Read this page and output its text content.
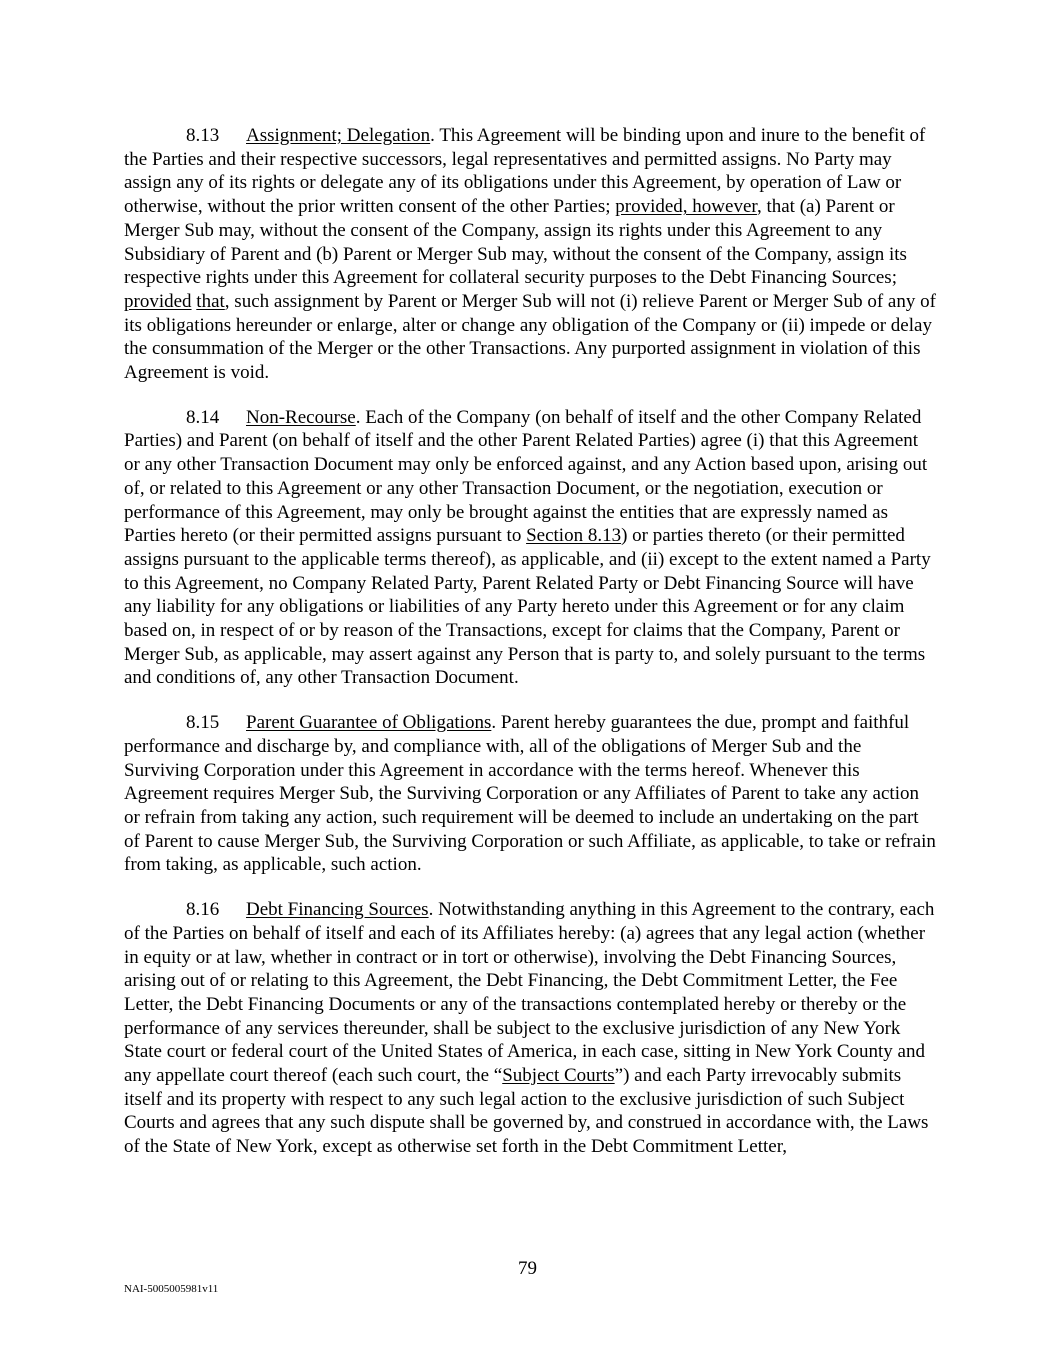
8.13 Assignment; Delegation. This Agreement will be binding upon and inure to the benefit of the Parties and their respective successors, legal representatives and permitted assigns. No Party may assign any of its rights or delegate any of its obligations under this Agreement, by operation of Law or otherwise, without the prior written consent of the other Parties; provided, however, that (a) Parent or Merger Sub may, without the consent of the Company, assign its rights under this Agreement to any Subsidiary of Parent and (b) Parent or Merger Sub may, without the consent of the Company, assign its respective rights under this Agreement for collateral security purposes to the Debt Financing Sources; provided that, such assignment by Parent or Merger Sub will not (i) relieve Parent or Merger Sub of any of its obligations hereunder or enlarge, alter or change any obligation of the Company or (ii) impede or delay the consummation of the Merger or the other Transactions. Any purported assignment in violation of this Agreement is void.

8.14 Non-Recourse. Each of the Company (on behalf of itself and the other Company Related Parties) and Parent (on behalf of itself and the other Parent Related Parties) agree (i) that this Agreement or any other Transaction Document may only be enforced against, and any Action based upon, arising out of, or related to this Agreement or any other Transaction Document, or the negotiation, execution or performance of this Agreement, may only be brought against the entities that are expressly named as Parties hereto (or their permitted assigns pursuant to Section 8.13) or parties thereto (or their permitted assigns pursuant to the applicable terms thereof), as applicable, and (ii) except to the extent named a Party to this Agreement, no Company Related Party, Parent Related Party or Debt Financing Source will have any liability for any obligations or liabilities of any Party hereto under this Agreement or for any claim based on, in respect of or by reason of the Transactions, except for claims that the Company, Parent or Merger Sub, as applicable, may assert against any Person that is party to, and solely pursuant to the terms and conditions of, any other Transaction Document.

8.15 Parent Guarantee of Obligations. Parent hereby guarantees the due, prompt and faithful performance and discharge by, and compliance with, all of the obligations of Merger Sub and the Surviving Corporation under this Agreement in accordance with the terms hereof. Whenever this Agreement requires Merger Sub, the Surviving Corporation or any Affiliates of Parent to take any action or refrain from taking any action, such requirement will be deemed to include an undertaking on the part of Parent to cause Merger Sub, the Surviving Corporation or such Affiliate, as applicable, to take or refrain from taking, as applicable, such action.

8.16 Debt Financing Sources. Notwithstanding anything in this Agreement to the contrary, each of the Parties on behalf of itself and each of its Affiliates hereby: (a) agrees that any legal action (whether in equity or at law, whether in contract or in tort or otherwise), involving the Debt Financing Sources, arising out of or relating to this Agreement, the Debt Financing, the Debt Commitment Letter, the Fee Letter, the Debt Financing Documents or any of the transactions contemplated hereby or thereby or the performance of any services thereunder, shall be subject to the exclusive jurisdiction of any New York State court or federal court of the United States of America, in each case, sitting in New York County and any appellate court thereof (each such court, the “Subject Courts”) and each Party irrevocably submits itself and its property with respect to any such legal action to the exclusive jurisdiction of such Subject Courts and agrees that any such dispute shall be governed by, and construed in accordance with, the Laws of the State of New York, except as otherwise set forth in the Debt Commitment Letter,

79
NAI-5005005981v11
